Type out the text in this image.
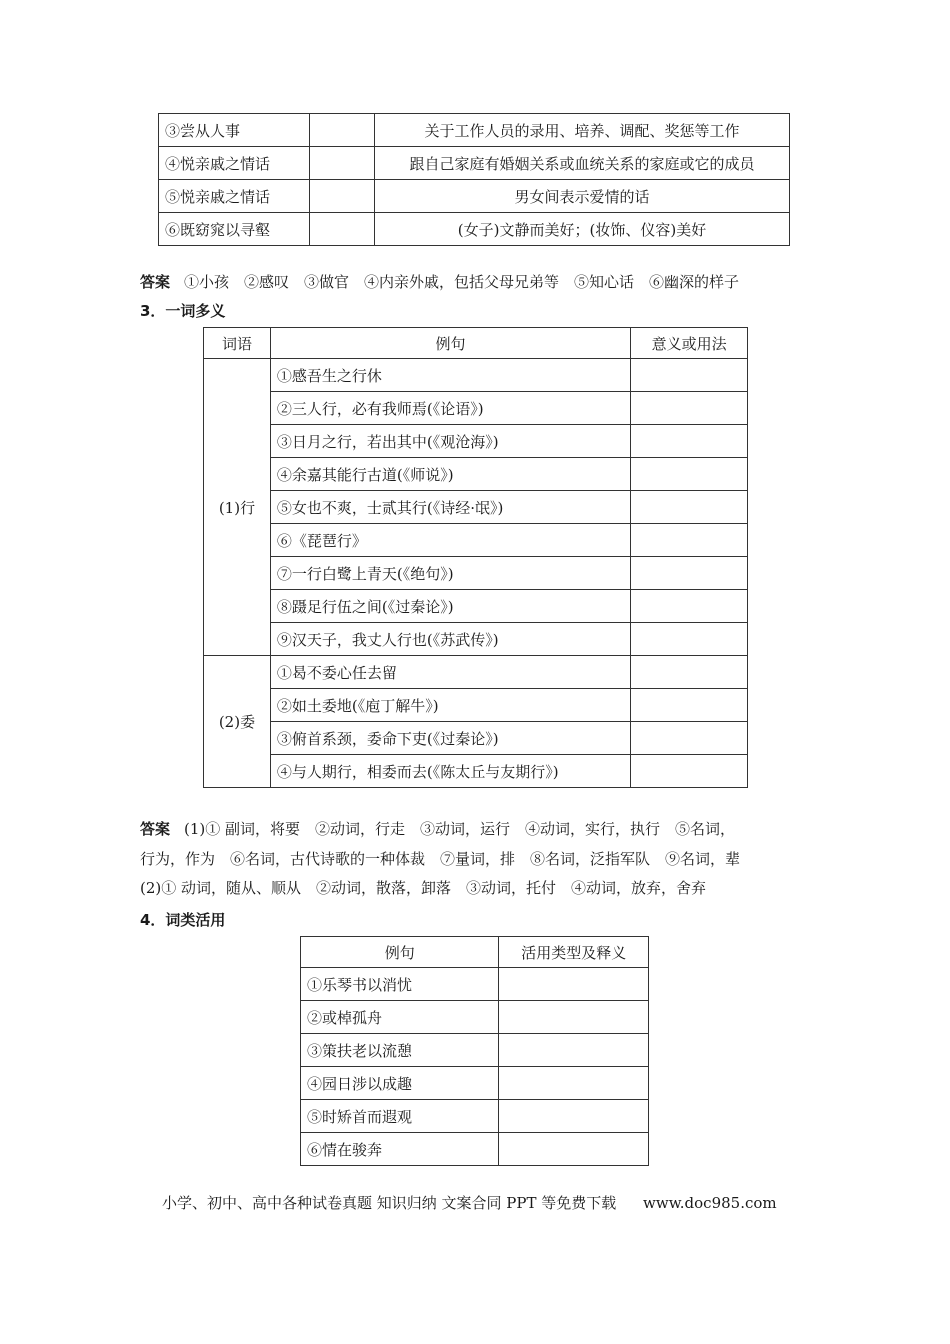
③尝从人事		关于工作人员的录用、培养、调配、奖惩等工作
④悦亲戚之情话		跟自己家庭有婚姻关系或血统关系的家庭或它的成员
⑤悦亲戚之情话		男女间表示爱情的话
⑥既窈窕以寻壑		(女子)文静而美好；(妆饰、仪容)美好
答案 ①小孩　②感叹　③做官　④内亲外戚，包括父母兄弟等　⑤知心话　⑥幽深的样子
3．一词多义
词语	例句	意义或用法
(1)行	①感吾生之行休	
	②三人行，必有我师焉(《论语》)	
	③日月之行，若出其中(《观沧海》)	
	④余嘉其能行古道(《师说》)	
	⑤女也不爽，士贰其行(《诗经·氓》)	
	⑥《琵琶行》	
	⑦一行白鹭上青天(《绝句》)	
	⑧蹑足行伍之间(《过秦论》)	
	⑨汉天子，我丈人行也(《苏武传》)	
(2)委	①曷不委心任去留	
	②如土委地(《庖丁解牛》)	
	③俯首系颈，委命下吏(《过秦论》)	
	④与人期行，相委而去(《陈太丘与友期行》)	
答案 (1)① 副词，将要　②动词，行走　③动词，运行　④动词，实行，执行　⑤名词，
行为，作为　⑥名词，古代诗歌的一种体裁　⑦量词，排　⑧名词，泛指军队　⑨名词，辈
(2)① 动词，随从、顺从　②动词，散落，卸落　③动词，托付　④动词，放弃，舍弃
4．词类活用
例句	活用类型及释义
①乐琴书以消忧	
②或棹孤舟	
③策扶老以流憩	
④园日涉以成趣	
⑤时矫首而遐观	
⑥情在骏奔	
小学、初中、高中各种试卷真题 知识归纳 文案合同 PPT 等免费下载 www.doc985.com
